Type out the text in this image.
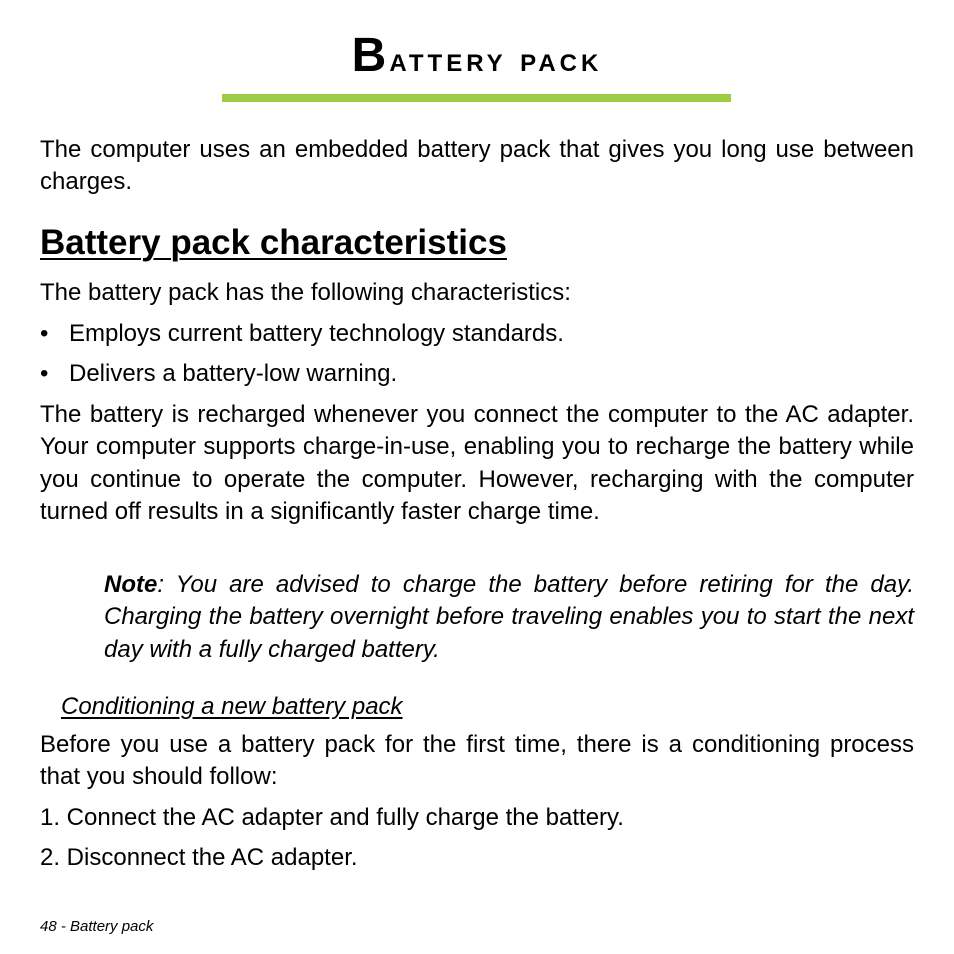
Battery pack

The computer uses an embedded battery pack that gives you long use between charges.

Battery pack characteristics

The battery pack has the following characteristics:

• Employs current battery technology standards.
• Delivers a battery-low warning.

The battery is recharged whenever you connect the computer to the AC adapter. Your computer supports charge-in-use, enabling you to recharge the battery while you continue to operate the computer. However, recharging with the computer turned off results in a significantly faster charge time.

Note: You are advised to charge the battery before retiring for the day. Charging the battery overnight before traveling enables you to start the next day with a fully charged battery.

Conditioning a new battery pack

Before you use a battery pack for the first time, there is a conditioning process that you should follow:

1. Connect the AC adapter and fully charge the battery.
2. Disconnect the AC adapter.
48 - Battery pack
